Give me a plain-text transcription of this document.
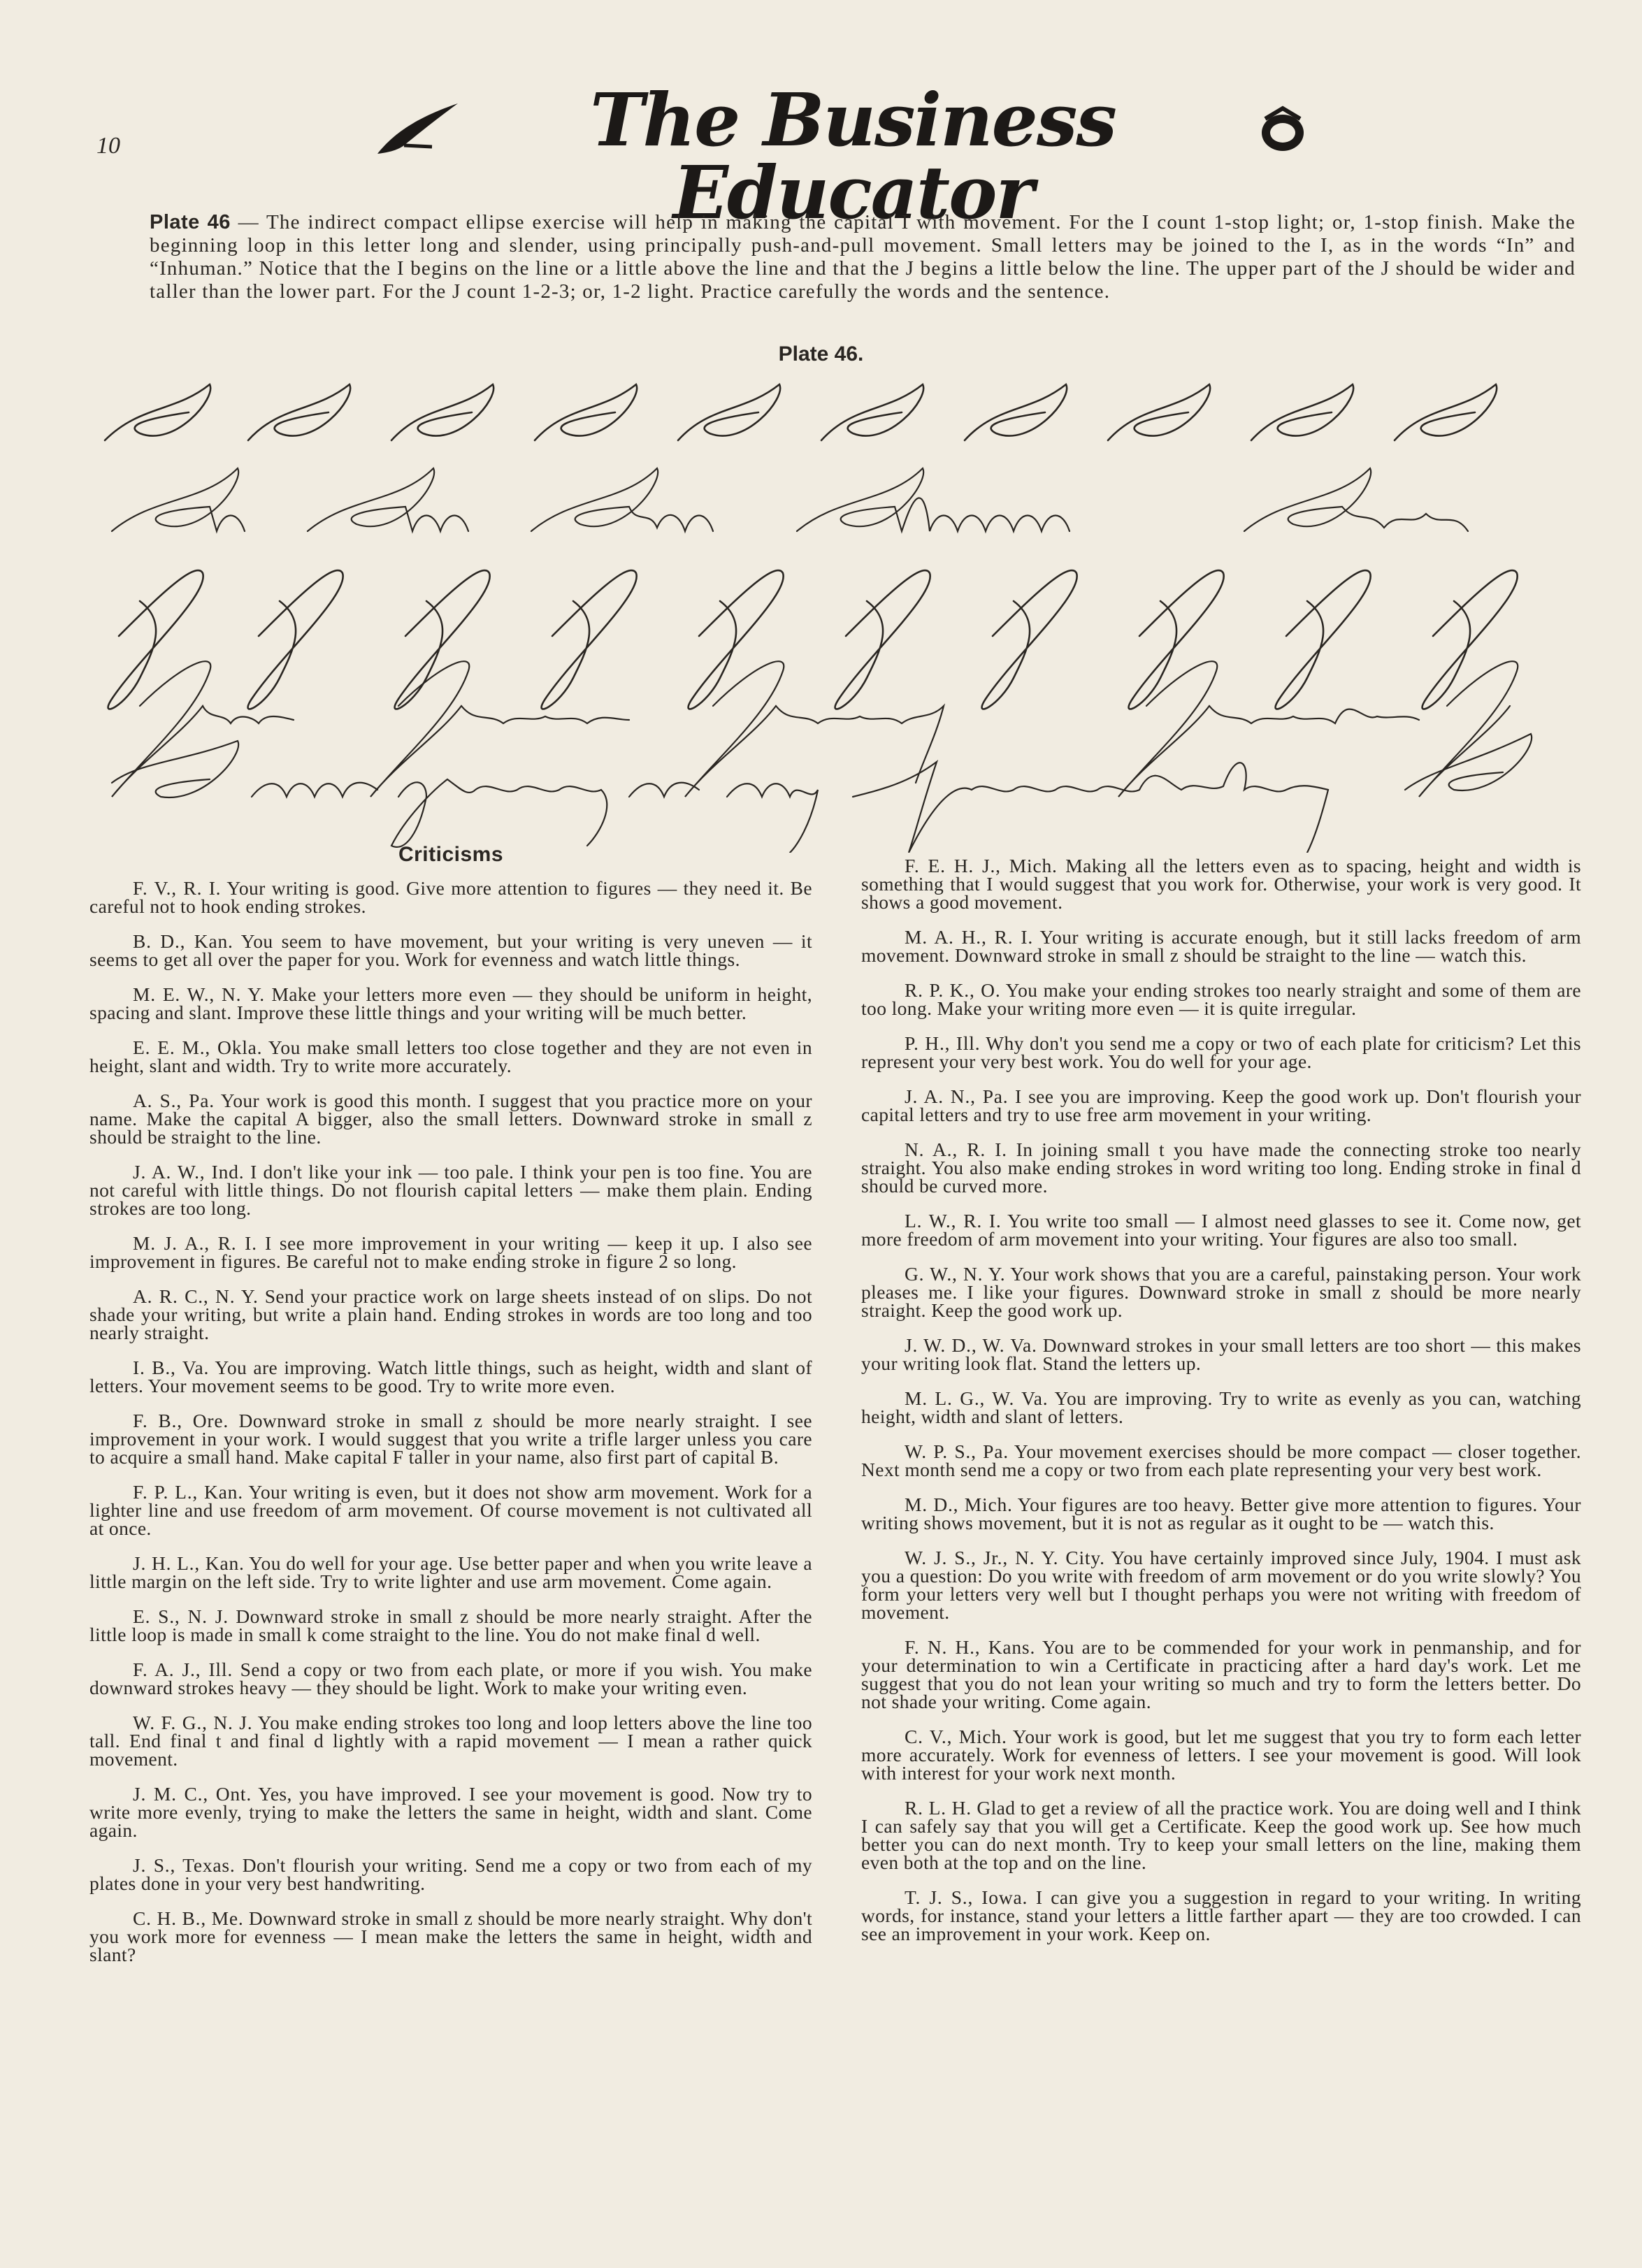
10	The Business Educator
Plate 46 — The indirect compact ellipse exercise will help in making the capital I with movement. For the I count 1-stop light; or, 1-stop finish. Make the beginning loop in this letter long and slender, using principally push-and-pull movement. Small letters may be joined to the I, as in the words “In” and “Inhuman.” Notice that the I begins on the line or a little above the line and that the J begins a little below the line. The upper part of the J should be wider and taller than the lower part. For the J count 1-2-3; or, 1-2 light. Practice carefully the words and the sentence.
Plate 46.
Criticisms

F. V., R. I. Your writing is good. Give more attention to figures — they need it. Be careful not to hook ending strokes.

B. D., Kan. You seem to have movement, but your writing is very uneven — it seems to get all over the paper for you. Work for evenness and watch little things.

M. E. W., N. Y. Make your letters more even — they should be uniform in height, spacing and slant. Improve these little things and your writing will be much better.

E. E. M., Okla. You make small letters too close together and they are not even in height, slant and width. Try to write more accurately.

A. S., Pa. Your work is good this month. I suggest that you practice more on your name. Make the capital A bigger, also the small letters. Downward stroke in small z should be straight to the line.

J. A. W., Ind. I don't like your ink — too pale. I think your pen is too fine. You are not careful with little things. Do not flourish capital letters — make them plain. Ending strokes are too long.

M. J. A., R. I. I see more improvement in your writing — keep it up. I also see improvement in figures. Be careful not to make ending stroke in figure 2 so long.

A. R. C., N. Y. Send your practice work on large sheets instead of on slips. Do not shade your writing, but write a plain hand. Ending strokes in words are too long and too nearly straight.

I. B., Va. You are improving. Watch little things, such as height, width and slant of letters. Your movement seems to be good. Try to write more even.

F. B., Ore. Downward stroke in small z should be more nearly straight. I see improvement in your work. I would suggest that you write a trifle larger unless you care to acquire a small hand. Make capital F taller in your name, also first part of capital B.

F. P. L., Kan. Your writing is even, but it does not show arm movement. Work for a lighter line and use freedom of arm movement. Of course movement is not cultivated all at once.

J. H. L., Kan. You do well for your age. Use better paper and when you write leave a little margin on the left side. Try to write lighter and use arm movement. Come again.

E. S., N. J. Downward stroke in small z should be more nearly straight. After the little loop is made in small k come straight to the line. You do not make final d well.

F. A. J., Ill. Send a copy or two from each plate, or more if you wish. You make downward strokes heavy — they should be light. Work to make your writing even.

W. F. G., N. J. You make ending strokes too long and loop letters above the line too tall. End final t and final d lightly with a rapid movement — I mean a rather quick movement.

J. M. C., Ont. Yes, you have improved. I see your movement is good. Now try to write more evenly, trying to make the letters the same in height, width and slant. Come again.

J. S., Texas. Don't flourish your writing. Send me a copy or two from each of my plates done in your very best handwriting.

C. H. B., Me. Downward stroke in small z should be more nearly straight. Why don't you work more for evenness — I mean make the letters the same in height, width and slant?

F. E. H. J., Mich. Making all the letters even as to spacing, height and width is something that I would suggest that you work for. Otherwise, your work is very good. It shows a good movement.

M. A. H., R. I. Your writing is accurate enough, but it still lacks freedom of arm movement. Downward stroke in small z should be straight to the line — watch this.

R. P. K., O. You make your ending strokes too nearly straight and some of them are too long. Make your writing more even — it is quite irregular.

P. H., Ill. Why don't you send me a copy or two of each plate for criticism? Let this represent your very best work. You do well for your age.

J. A. N., Pa. I see you are improving. Keep the good work up. Don't flourish your capital letters and try to use free arm movement in your writing.

N. A., R. I. In joining small t you have made the connecting stroke too nearly straight. You also make ending strokes in word writing too long. Ending stroke in final d should be curved more.

L. W., R. I. You write too small — I almost need glasses to see it. Come now, get more freedom of arm movement into your writing. Your figures are also too small.

G. W., N. Y. Your work shows that you are a careful, painstaking person. Your work pleases me. I like your figures. Downward stroke in small z should be more nearly straight. Keep the good work up.

J. W. D., W. Va. Downward strokes in your small letters are too short — this makes your writing look flat. Stand the letters up.

M. L. G., W. Va. You are improving. Try to write as evenly as you can, watching height, width and slant of letters.

W. P. S., Pa. Your movement exercises should be more compact — closer together. Next month send me a copy or two from each plate representing your very best work.

M. D., Mich. Your figures are too heavy. Better give more attention to figures. Your writing shows movement, but it is not as regular as it ought to be — watch this.

W. J. S., Jr., N. Y. City. You have certainly improved since July, 1904. I must ask you a question: Do you write with freedom of arm movement or do you write slowly? You form your letters very well but I thought perhaps you were not writing with freedom of movement.

F. N. H., Kans. You are to be commended for your work in penmanship, and for your determination to win a Certificate in practicing after a hard day's work. Let me suggest that you do not lean your writing so much and try to form the letters better. Do not shade your writing. Come again.

C. V., Mich. Your work is good, but let me suggest that you try to form each letter more accurately. Work for evenness of letters. I see your movement is good. Will look with interest for your work next month.

R. L. H. Glad to get a review of all the practice work. You are doing well and I think I can safely say that you will get a Certificate. Keep the good work up. See how much better you can do next month. Try to keep your small letters on the line, making them even both at the top and on the line.

T. J. S., Iowa. I can give you a suggestion in regard to your writing. In writing words, for instance, stand your letters a little farther apart — they are too crowded. I can see an improvement in your work. Keep on.
